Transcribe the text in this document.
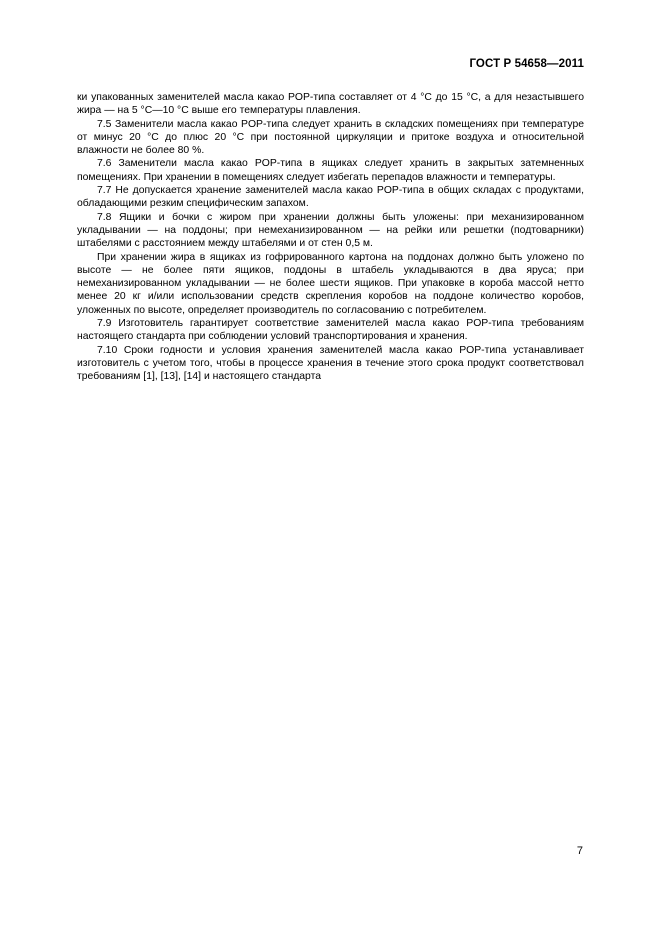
ГОСТ Р 54658—2011

ки упакованных заменителей масла какао POP-типа составляет от 4 °С до 15 °С, а для незастывшего жира — на 5 °С—10 °С выше его температуры плавления.

7.5 Заменители масла какао POP-типа следует хранить в складских помещениях при температуре от минус 20 °С до плюс 20 °С при постоянной циркуляции и притоке воздуха и относительной влажности не более 80 %.

7.6 Заменители масла какао POP-типа в ящиках следует хранить в закрытых затемненных помещениях. При хранении в помещениях следует избегать перепадов влажности и температуры.

7.7 Не допускается хранение заменителей масла какао POP-типа в общих складах с продуктами, обладающими резким специфическим запахом.

7.8 Ящики и бочки с жиром при хранении должны быть уложены: при механизированном укладывании — на поддоны; при немеханизированном — на рейки или решетки (подтоварники) штабелями с расстоянием между штабелями и от стен 0,5 м.

При хранении жира в ящиках из гофрированного картона на поддонах должно быть уложено по высоте — не более пяти ящиков, поддоны в штабель укладываются в два яруса; при немеханизированном укладывании — не более шести ящиков. При упаковке в короба массой нетто менее 20 кг и/или использовании средств скрепления коробов на поддоне количество коробов, уложенных по высоте, определяет производитель по согласованию с потребителем.

7.9 Изготовитель гарантирует соответствие заменителей масла какао POP-типа требованиям настоящего стандарта при соблюдении условий транспортирования и хранения.

7.10 Сроки годности и условия хранения заменителей масла какао POP-типа устанавливает изготовитель с учетом того, чтобы в процессе хранения в течение этого срока продукт соответствовал требованиям [1], [13], [14] и настоящего стандарта

7
